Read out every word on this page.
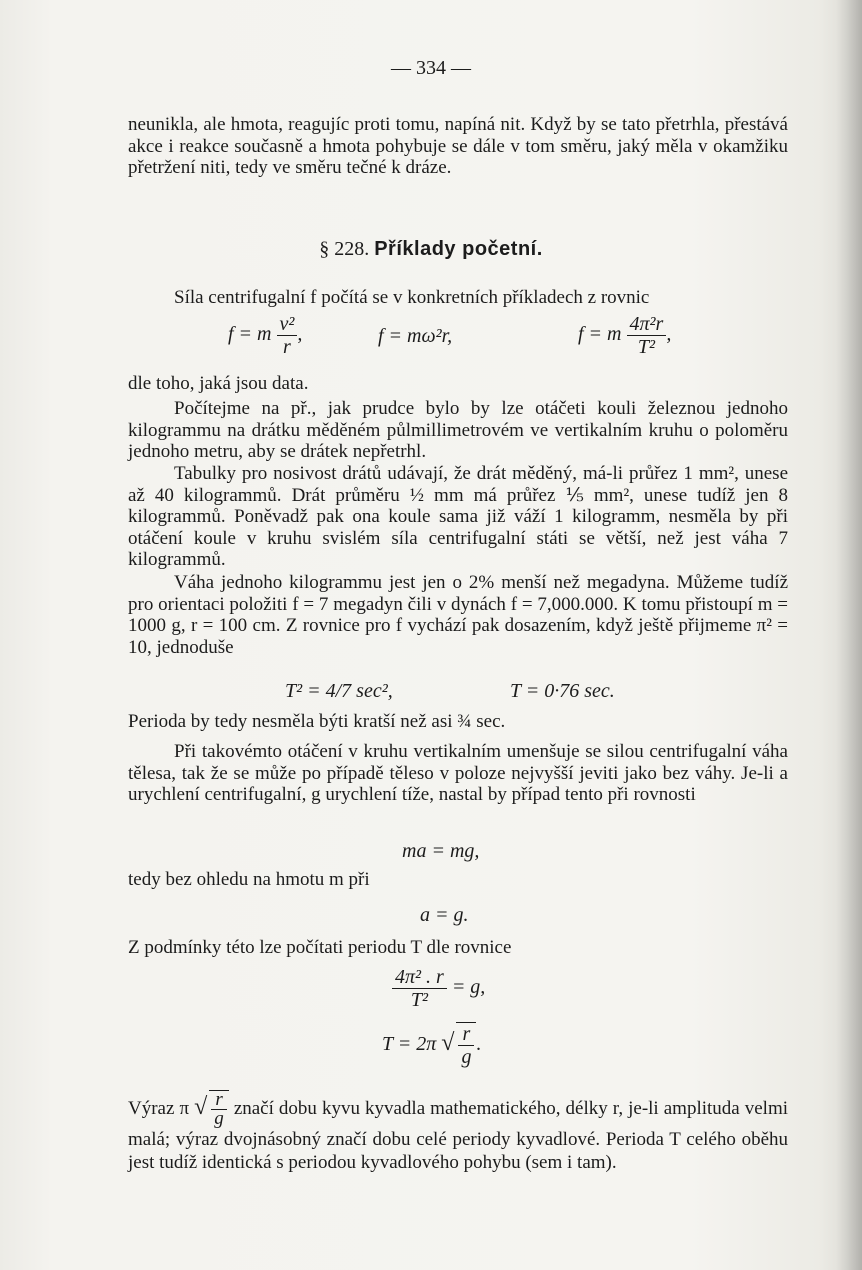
— 334 —
neunikla, ale hmota, reagujíc proti tomu, napíná nit. Když by se tato přetrhla, přestává akce i reakce současně a hmota pohybuje se dále v tom směru, jaký měla v okamžiku přetržení niti, tedy ve směru tečné k dráze.
§ 228. Příklady početní.
Síla centrifugalní f počítá se v konkretních příkladech z rovnic
f = m $\frac{\text{v²}}{r}$ ,	f = mω²r,	f = m $\frac{\text{4π²r}}{\text{T²}}$ ,
dle toho, jaká jsou data.
Počítejme na př., jak prudce bylo by lze otáčeti kouli železnou jednoho kilogrammu na drátku měděném půlmillimetrovém ve vertikalním kruhu o poloměru jednoho metru, aby se drátek nepřetrhl.
Tabulky pro nosivost drátů udávají, že drát měděný, má-li průřez 1 mm², unese až 40 kilogrammů. Drát průměru ½ mm má průřez ⅕ mm², unese tudíž jen 8 kilogrammů. Poněvadž pak ona koule sama již váží 1 kilogramm, nesměla by při otáčení koule v kruhu svislém síla centrifugalní státi se větší, než jest váha 7 kilogrammů.
Váha jednoho kilogrammu jest jen o 2% menší než megadyna. Můžeme tudíž pro orientaci položiti f = 7 megadyn čili v dynách f = 7,000.000. K tomu přistoupí m = 1000 g, r = 100 cm. Z rovnice pro f vychází pak dosazením, když ještě přijmeme π² = 10, jednoduše
T² = 4/7 sec²,	T = 0·76 sec.
Perioda by tedy nesměla býti kratší než asi ¾ sec.
Při takovémto otáčení v kruhu vertikalním umenšuje se silou centrifugalní váha tělesa, tak že se může po případě těleso v poloze nejvyšší jeviti jako bez váhy. Je-li a urychlení centrifugalní, g urychlení tíže, nastal by případ tento při rovnosti
ma = mg,
tedy bez ohledu na hmotu m při
a = g.
Z podmínky této lze počítati periodu T dle rovnice
$\frac{\text{4π² . r}}{\text{T²}} = g$,
T = 2π √ $\frac{r}{g}$ .
Výraz π √ $\frac{r}{g}$ značí dobu kyvu kyvadla mathematického, délky r, je-li amplituda velmi malá; výraz dvojnásobný značí dobu celé periody kyvadlové. Perioda T celého oběhu jest tudíž identická s periodou kyvadlového pohybu (sem i tam).
